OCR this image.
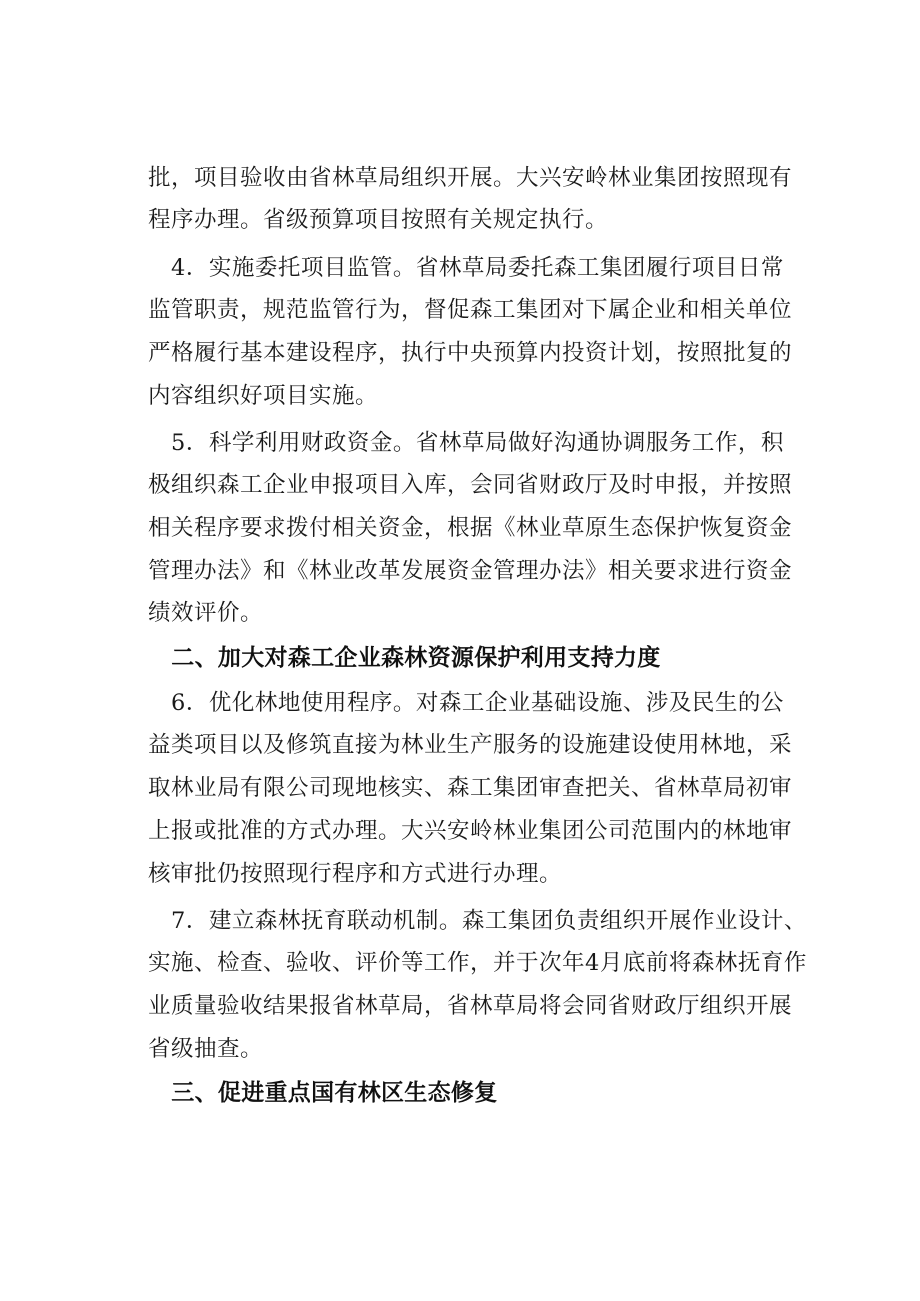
批，项目验收由省林草局组织开展。大兴安岭林业集团按照现有
程序办理。省级预算项目按照有关规定执行。
　4．实施委托项目监管。省林草局委托森工集团履行项目日常
监管职责，规范监管行为，督促森工集团对下属企业和相关单位
严格履行基本建设程序，执行中央预算内投资计划，按照批复的
内容组织好项目实施。
　5．科学利用财政资金。省林草局做好沟通协调服务工作，积
极组织森工企业申报项目入库，会同省财政厅及时申报，并按照
相关程序要求拨付相关资金，根据《林业草原生态保护恢复资金
管理办法》和《林业改革发展资金管理办法》相关要求进行资金
绩效评价。
　二、加大对森工企业森林资源保护利用支持力度
　6．优化林地使用程序。对森工企业基础设施、涉及民生的公
益类项目以及修筑直接为林业生产服务的设施建设使用林地，采
取林业局有限公司现地核实、森工集团审查把关、省林草局初审
上报或批准的方式办理。大兴安岭林业集团公司范围内的林地审
核审批仍按照现行程序和方式进行办理。
　7．建立森林抚育联动机制。森工集团负责组织开展作业设计、
实施、检查、验收、评价等工作，并于次年4月底前将森林抚育作
业质量验收结果报省林草局，省林草局将会同省财政厅组织开展
省级抽查。
　三、促进重点国有林区生态修复
